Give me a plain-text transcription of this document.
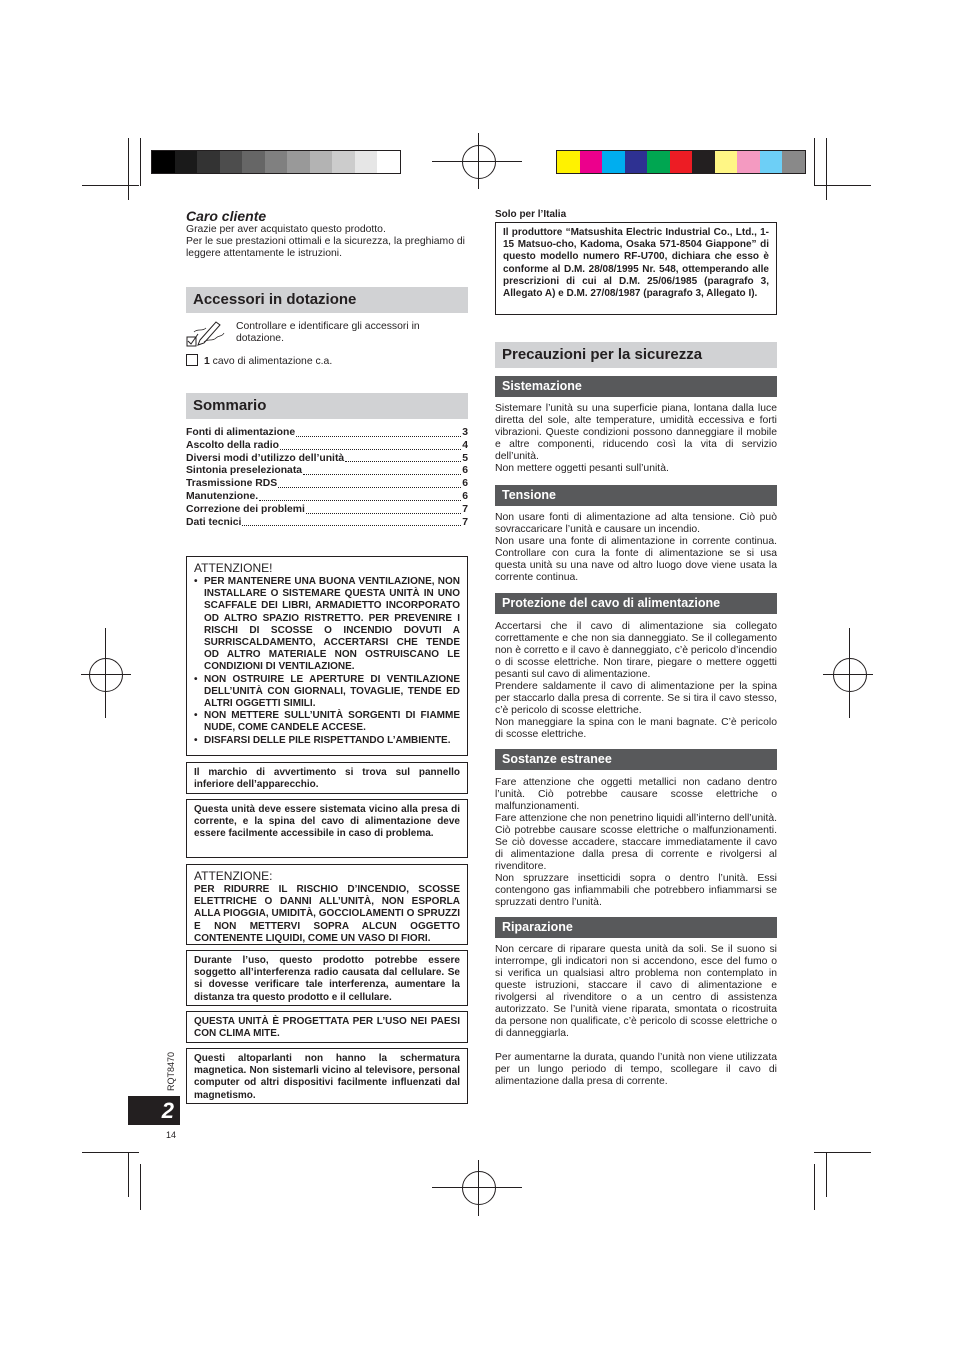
Caro cliente

Grazie per aver acquistato questo prodotto.

Per le sue prestazioni ottimali e la sicurezza, la preghiamo di leggere attentamente le istruzioni.

Accessori in dotazione

Controllare e identificare gli accessori in dotazione.

1 cavo di alimentazione c.a.
Sommario
Fonti di alimentazione	3
Ascolto della radio	4
Diversi modi d’utilizzo dell’unità	5
Sintonia preselezionata	6
Trasmissione RDS	6
Manutenzione.	6
Correzione dei problemi	7
Dati tecnici	7
ATTENZIONE!
• PER MANTENERE UNA BUONA VENTILAZIONE, NON INSTALLARE O SISTEMARE QUESTA UNITÀ IN UNO SCAFFALE DEI LIBRI, ARMADIETTO INCORPORATO OD ALTRO SPAZIO RISTRETTO. PER PREVENIRE I RISCHI DI SCOSSE O INCENDIO DOVUTI A SURRISCALDAMENTO, ACCERTARSI CHE TENDE OD ALTRO MATERIALE NON OSTRUISCANO LE CONDIZIONI DI VENTILAZIONE.
• NON OSTRUIRE LE APERTURE DI VENTILAZIONE DELL’UNITÀ CON GIORNALI, TOVAGLIE, TENDE ED ALTRI OGGETTI SIMILI.
• NON METTERE SULL’UNITÀ SORGENTI DI FIAMME NUDE, COME CANDELE ACCESE.
• DISFARSI DELLE PILE RISPETTANDO L’AMBIENTE.

Il marchio di avvertimento si trova sul pannello inferiore dell’apparecchio.

Questa unità deve essere sistemata vicino alla presa di corrente, e la spina del cavo di alimentazione deve essere facilmente accessibile in caso di problema.

ATTENZIONE:

PER RIDURRE IL RISCHIO D’INCENDIO, SCOSSE ELETTRICHE O DANNI ALL’UNITÀ, NON ESPORLA ALLA PIOGGIA, UMIDITÀ, GOCCIOLAMENTI O SPRUZZI E NON METTERVI SOPRA ALCUN OGGETTO CONTENENTE LIQUIDI, COME UN VASO DI FIORI.

Durante l’uso, questo prodotto potrebbe essere soggetto all’interferenza radio causata dal cellulare. Se si dovesse verificare tale interferenza, aumentare la distanza tra questo prodotto e il cellulare.

QUESTA UNITÀ È PROGETTATA PER L’USO NEI PAESI CON CLIMA MITE.

Questi altoparlanti non hanno la schermatura magnetica. Non sistemarli vicino al televisore, personal computer od altri dispositivi facilmente influenzati dal magnetismo.

Solo per l’Italia

Il produttore “Matsushita Electric Industrial Co., Ltd., 1-15 Matsuo-cho, Kadoma, Osaka 571-8504 Giappone” di questo modello numero RF-U700, dichiara che esso è conforme al D.M. 28/08/1995 Nr. 548, ottemperando alle prescrizioni di cui al D.M. 25/06/1985 (paragrafo 3, Allegato A) e D.M. 27/08/1987 (paragrafo 3, Allegato I).

Precauzioni per la sicurezza
Sistemazione

Sistemare l’unità su una superficie piana, lontana dalla luce diretta del sole, alte temperature, umidità eccessiva e forti vibrazioni. Queste condizioni possono danneggiare il mobile e altre componenti, riducendo così la vita di servizio dell’unità.

Non mettere oggetti pesanti sull’unità.

Tensione

Non usare fonti di alimentazione ad alta tensione. Ciò può sovraccaricare l’unità e causare un incendio.

Non usare una fonte di alimentazione in corrente continua. Controllare con cura la fonte di alimentazione se si usa questa unità su una nave od altro luogo dove viene usata la corrente continua.

Protezione del cavo di alimentazione

Accertarsi che il cavo di alimentazione sia collegato correttamente e che non sia danneggiato. Se il collegamento non è corretto e il cavo è danneggiato, c’è pericolo d’incendio o di scosse elettriche. Non tirare, piegare o mettere oggetti pesanti sul cavo di alimentazione.

Prendere saldamente il cavo di alimentazione per la spina per staccarlo dalla presa di corrente. Se si tira il cavo stesso, c’è pericolo di scosse elettriche.

Non maneggiare la spina con le mani bagnate. C’è pericolo di scosse elettriche.

Sostanze estranee

Fare attenzione che oggetti metallici non cadano dentro l’unità. Ciò potrebbe causare scosse elettriche o malfunzionamenti.

Fare attenzione che non penetrino liquidi all’interno dell’unità. Ciò potrebbe causare scosse elettriche o malfunzionamenti. Se ciò dovesse accadere, staccare immediatamente il cavo di alimentazione dalla presa di corrente e rivolgersi al rivenditore.

Non spruzzare insetticidi sopra o dentro l’unità. Essi contengono gas infiammabili che potrebbero infiammarsi se spruzzati dentro l’unità.

Riparazione

Non cercare di riparare questa unità da soli. Se il suono si interrompe, gli indicatori non si accendono, esce del fumo o si verifica un qualsiasi altro problema non contemplato in queste istruzioni, staccare il cavo di alimentazione e rivolgersi al rivenditore o a un centro di assistenza autorizzato. Se l’unità viene riparata, smontata o ricostruita da persone non qualificate, c’è pericolo di scosse elettriche o di danneggiarla.

Per aumentarne la durata, quando l’unità non viene utilizzata per un lungo periodo di tempo, scollegare il cavo di alimentazione dalla presa di corrente.

RQT8470
2
14
